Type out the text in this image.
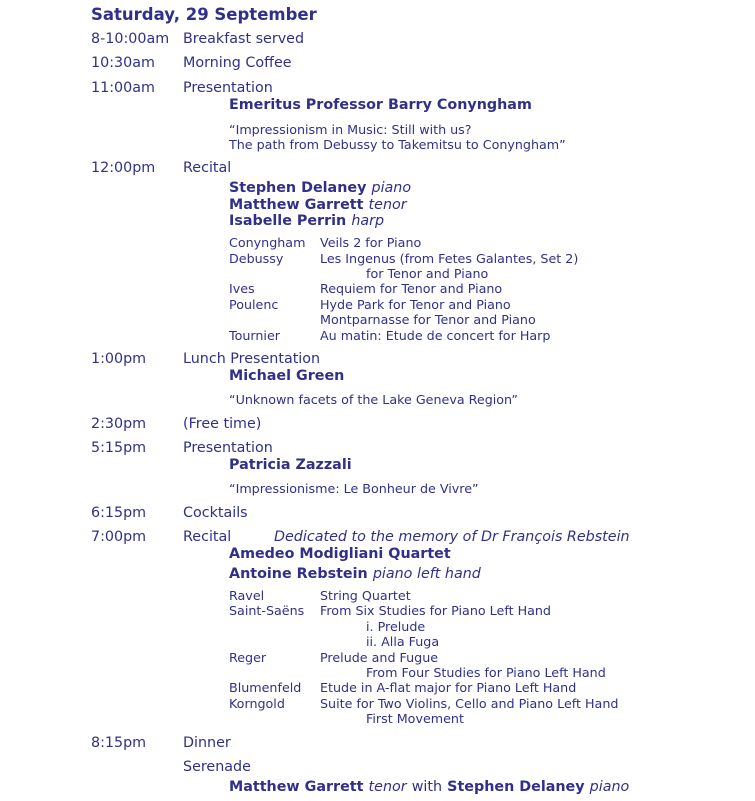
Saturday, 29 September
8-10:00am Breakfast served
10:30am Morning Coffee
11:00am Presentation
Emeritus Professor Barry Conyngham
“Impressionism in Music: Still with us?
The path from Debussy to Takemitsu to Conyngham”
12:00pm Recital
Stephen Delaney piano
Matthew Garrett tenor
Isabelle Perrin harp
Conyngham Veils 2 for Piano
Debussy	Les Ingenus (from Fetes Galantes, Set 2)
for Tenor and Piano
Ives	Requiem for Tenor and Piano
Poulenc	Hyde Park for Tenor and Piano
Montparnasse for Tenor and Piano
Tournier	Au matin: Etude de concert for Harp
1:00pm	Lunch Presentation
Michael Green
“Unknown facets of the Lake Geneva Region”
2:30pm	(Free time)
5:15pm	Presentation
Patricia Zazzali
“Impressionisme: Le Bonheur de Vivre”
6:15pm	Cocktails
7:00pm	Recital	Dedicated to the memory of Dr François Rebstein
Amedeo Modigliani Quartet
Antoine Rebstein piano left hand
Ravel	String Quartet
Saint-Saëns From Six Studies for Piano Left Hand
i. Prelude
ii. Alla Fuga
Reger	Prelude and Fugue
From Four Studies for Piano Left Hand
Blumenfeld Etude in A-flat major for Piano Left Hand
Korngold	Suite for Two Violins, Cello and Piano Left Hand
First Movement
8:15pm	Dinner
Serenade
Matthew Garrett tenor with Stephen Delaney piano
